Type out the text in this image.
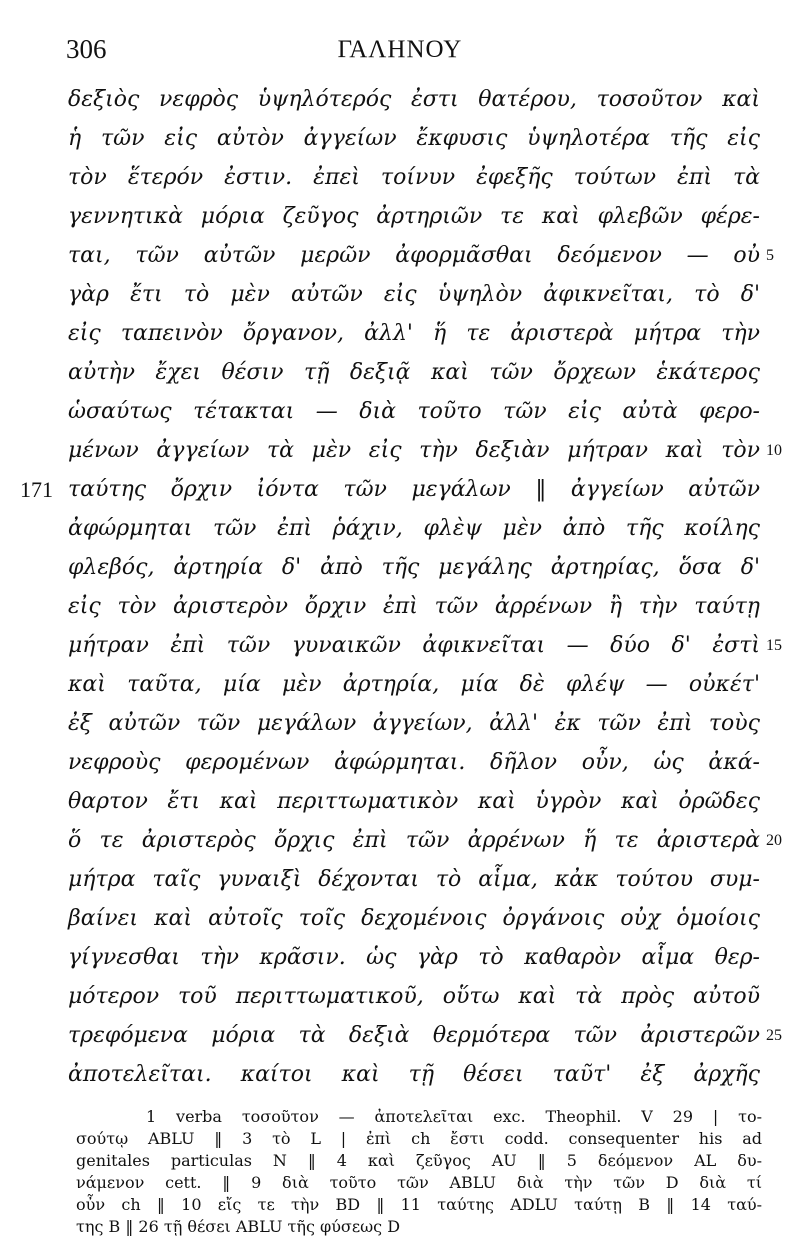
306	ΓΑΛΗΝΟΥ
δεξιὸς νεφρὸς ὑψηλότερός ἐστι θατέρου, τοσοῦτον καὶ
ἡ τῶν εἰς αὐτὸν ἀγγείων ἔκφυσις ὑψηλοτέρα τῆς εἰς
τὸν ἕτερόν ἐστιν. ἐπεὶ τοίνυν ἐφεξῆς τούτων ἐπὶ τὰ
γεννητικὰ μόρια ζεῦγος ἀρτηριῶν τε καὶ φλεβῶν φέρε-
ται, τῶν αὐτῶν μερῶν ἀφορμᾶσθαι δεόμενον — οὐ
γὰρ ἔτι τὸ μὲν αὐτῶν εἰς ὑψηλὸν ἀφικνεῖται, τὸ δ'
εἰς ταπεινὸν ὄργανον, ἀλλ' ἥ τε ἀριστερὰ μήτρα τὴν
αὐτὴν ἔχει θέσιν τῇ δεξιᾷ καὶ τῶν ὄρχεων ἑκάτερος
ὡσαύτως τέτακται — διὰ τοῦτο τῶν εἰς αὐτὰ φερο-
μένων ἀγγείων τὰ μὲν εἰς τὴν δεξιὰν μήτραν καὶ τὸν
ταύτης ὄρχιν ἰόντα τῶν μεγάλων ‖ ἀγγείων αὐτῶν
ἀφώρμηται τῶν ἐπὶ ῥάχιν, φλὲψ μὲν ἀπὸ τῆς κοίλης
φλεβός, ἀρτηρία δ' ἀπὸ τῆς μεγάλης ἀρτηρίας, ὅσα δ'
εἰς τὸν ἀριστερὸν ὄρχιν ἐπὶ τῶν ἀρρένων ἢ τὴν ταύτῃ
μήτραν ἐπὶ τῶν γυναικῶν ἀφικνεῖται — δύο δ' ἐστὶ
καὶ ταῦτα, μία μὲν ἀρτηρία, μία δὲ φλέψ — οὐκέτ'
ἐξ αὐτῶν τῶν μεγάλων ἀγγείων, ἀλλ' ἐκ τῶν ἐπὶ τοὺς
νεφροὺς φερομένων ἀφώρμηται. δῆλον οὖν, ὡς ἀκά-
θαρτον ἔτι καὶ περιττωματικὸν καὶ ὑγρὸν καὶ ὀρῶδες
ὅ τε ἀριστερὸς ὄρχις ἐπὶ τῶν ἀρρένων ἥ τε ἀριστερὰ
μήτρα ταῖς γυναιξὶ δέχονται τὸ αἷμα, κἀκ τούτου συμ-
βαίνει καὶ αὐτοῖς τοῖς δεχομένοις ὀργάνοις οὐχ ὁμοίοις
γίγνεσθαι τὴν κρᾶσιν. ὡς γὰρ τὸ καθαρὸν αἷμα θερ-
μότερον τοῦ περιττωματικοῦ, οὕτω καὶ τὰ πρὸς αὐτοῦ
τρεφόμενα μόρια τὰ δεξιὰ θερμότερα τῶν ἀριστερῶν
ἀποτελεῖται. καίτοι καὶ τῇ θέσει ταῦτ' ἐξ ἀρχῆς
5
10
15
20
25
171
1 verba τοσοῦτον — ἀποτελεῖται exc. Theophil. V 29 | το-
σούτῳ ABLU ‖ 3 τὸ L | ἐπὶ ch ἔστι codd. consequenter his ad
genitales particulas N ‖ 4 καὶ ζεῦγος AU ‖ 5 δεόμενον AL δυ-
νάμενον cett. ‖ 9 διὰ τοῦτο τῶν ABLU διὰ τὴν τῶν D διὰ τί
οὖν ch ‖ 10 εἴς τε τὴν BD ‖ 11 ταύτης ADLU ταύτῃ B ‖ 14 ταύ-
της B ‖ 26 τῇ θέσει ABLU τῆς φύσεως D
